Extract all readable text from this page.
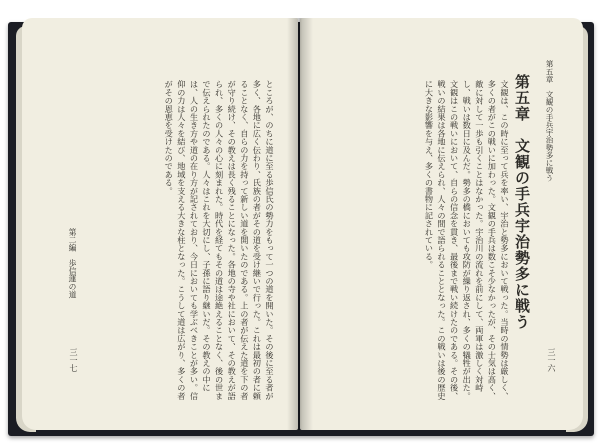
ところが、のちに道に至る歩信氏の勢力をもって一つの道を開いた。その後に至る者が多く、各地に広く伝わり、氏族の者がその道を受け継いで行った。これは最初の者に頼ることなく、自らの力を持って新しい道を開いたのである。上の者が伝えた道を下の者が守り続け、その教えは長く残ることになった。各地の寺や社において、その教えが語られ、多くの人々の心に刻まれた。時代を経てもその道は途絶えることなく、後の世まで伝えられたのである。人々はこれを大切にし、子孫に語り継いだ。その教えの中には、人の生き方や道の在り方が記されており、今日においても学ぶべきことが多い。信仰の力は人々を結び、地域を支える大きな柱となった。こうして道は広がり、多くの者がその恩恵を受けたのである。
第二編　歩信運の道
三一七
第五章　文観の手兵宇治勢多に戦う
第五章　文観の手兵宇治勢多に戦う
文観は、この時に至って兵を率い、宇治と勢多において戦った。当時の情勢は厳しく、多くの者がこの戦いに加わった。文観の手兵は数こそ少なかったが、その士気は高く、敵に対して一歩も引くことはなかった。宇治川の流れを前にして、両軍は激しく対峙し、戦いは数日に及んだ。勢多の橋においても攻防が繰り返され、多くの犠牲が出た。文観はこの戦いにおいて、自らの信念を貫き、最後まで戦い続けたのである。その後、戦いの結果は各地に伝えられ、人々の間で語られることとなった。この戦いは後の歴史に大きな影響を与え、多くの書物に記されている。
三一六
